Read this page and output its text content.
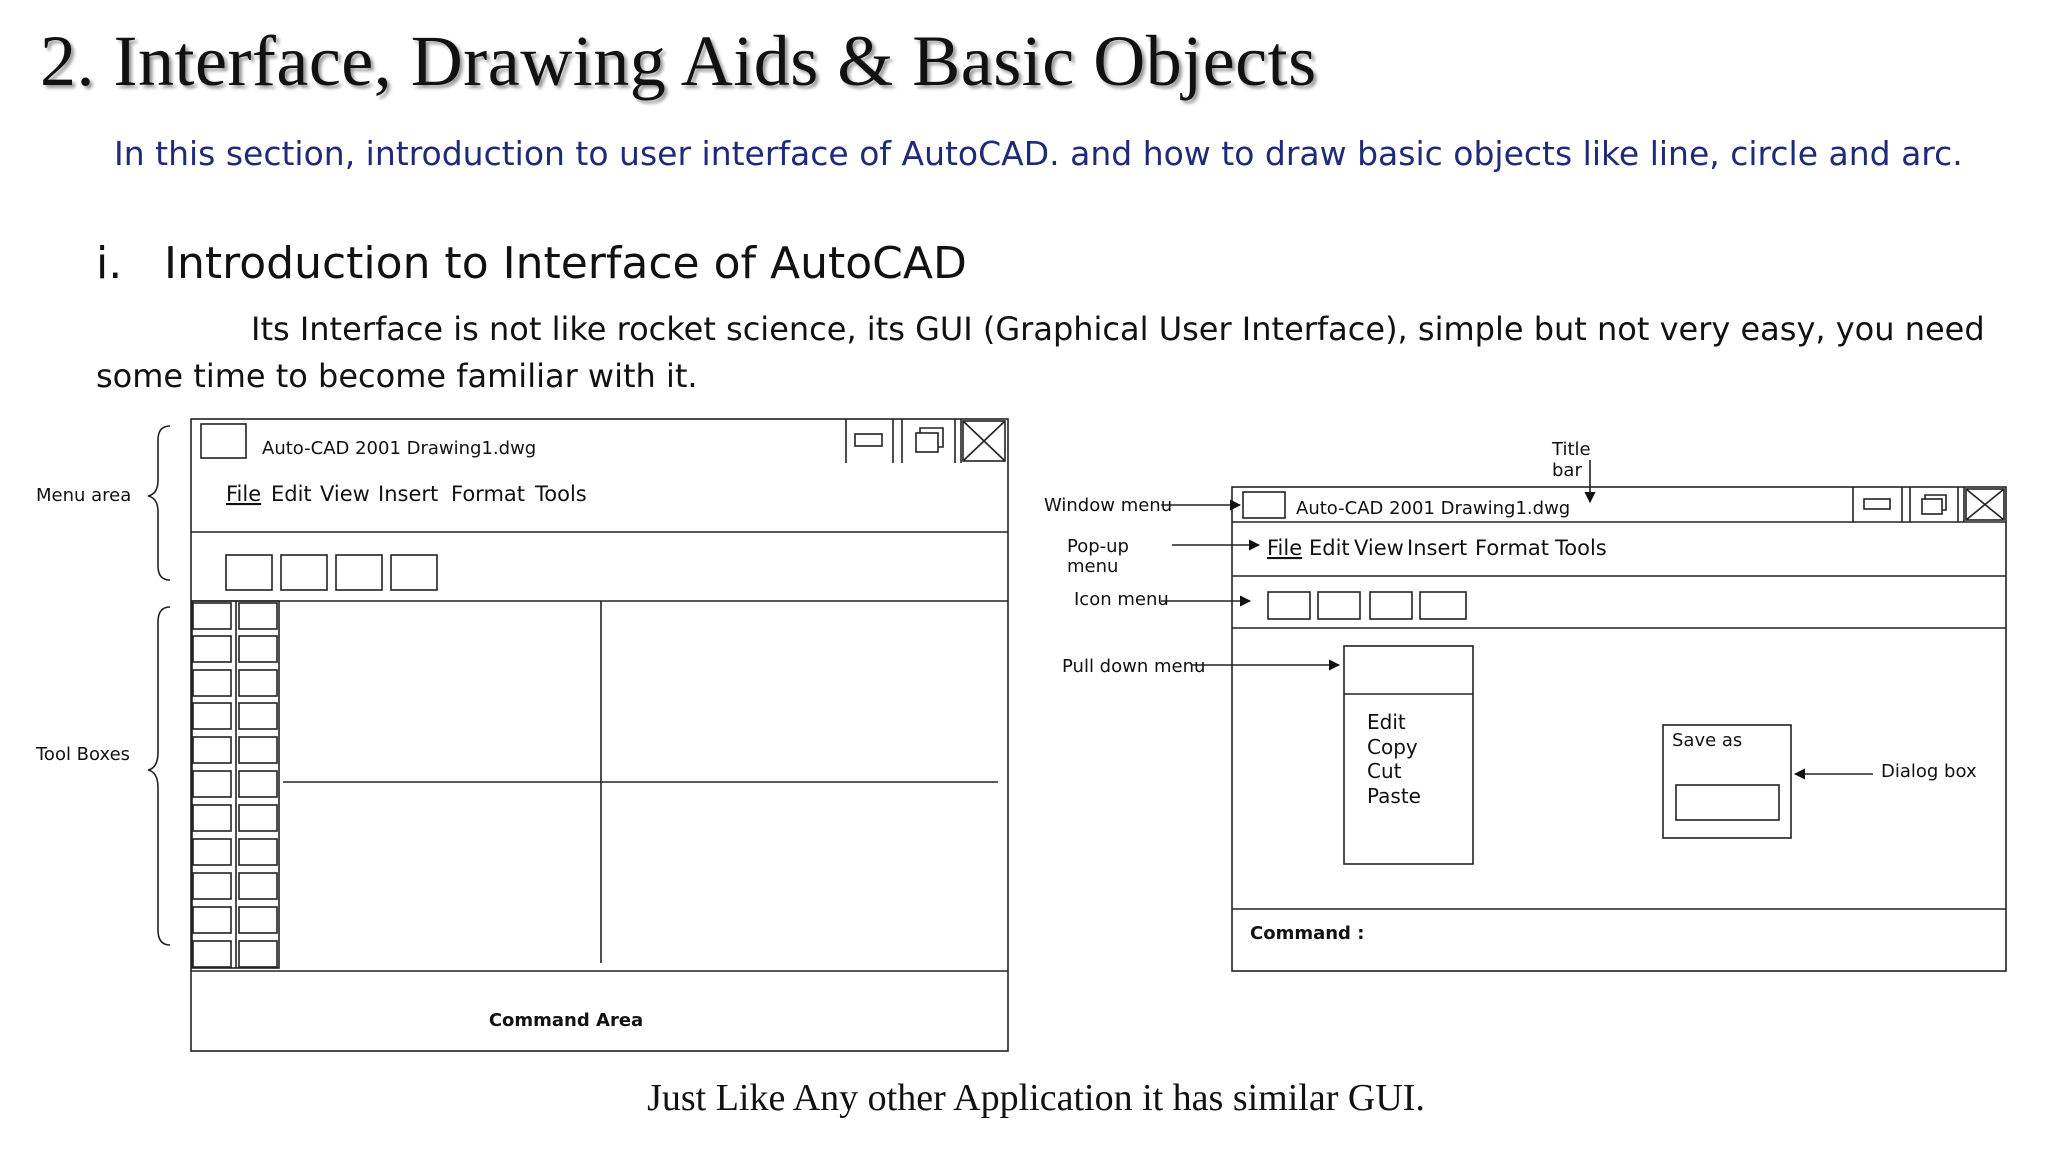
2. Interface, Drawing Aids & Basic Objects

In this section, introduction to user interface of AutoCAD. and how to draw basic objects like line, circle and arc.

i. Introduction to Interface of AutoCAD

Its Interface is not like rocket science, its GUI (Graphical User Interface), simple but not very easy, you need some time to become familiar with it.

Auto-CAD 2001 Drawing1.dwg
File Edit View Insert Format Tools
Menu area
Tool Boxes
Command Area
Auto-CAD 2001 Drawing1.dwg
File Edit View Insert Format Tools
Title
bar
Window menu
Pop-up
menu
Icon menu
Pull down menu
Dialog box
Edit
Copy
Cut
Paste
Save as
Command :

Just Like Any other Application it has similar GUI.
